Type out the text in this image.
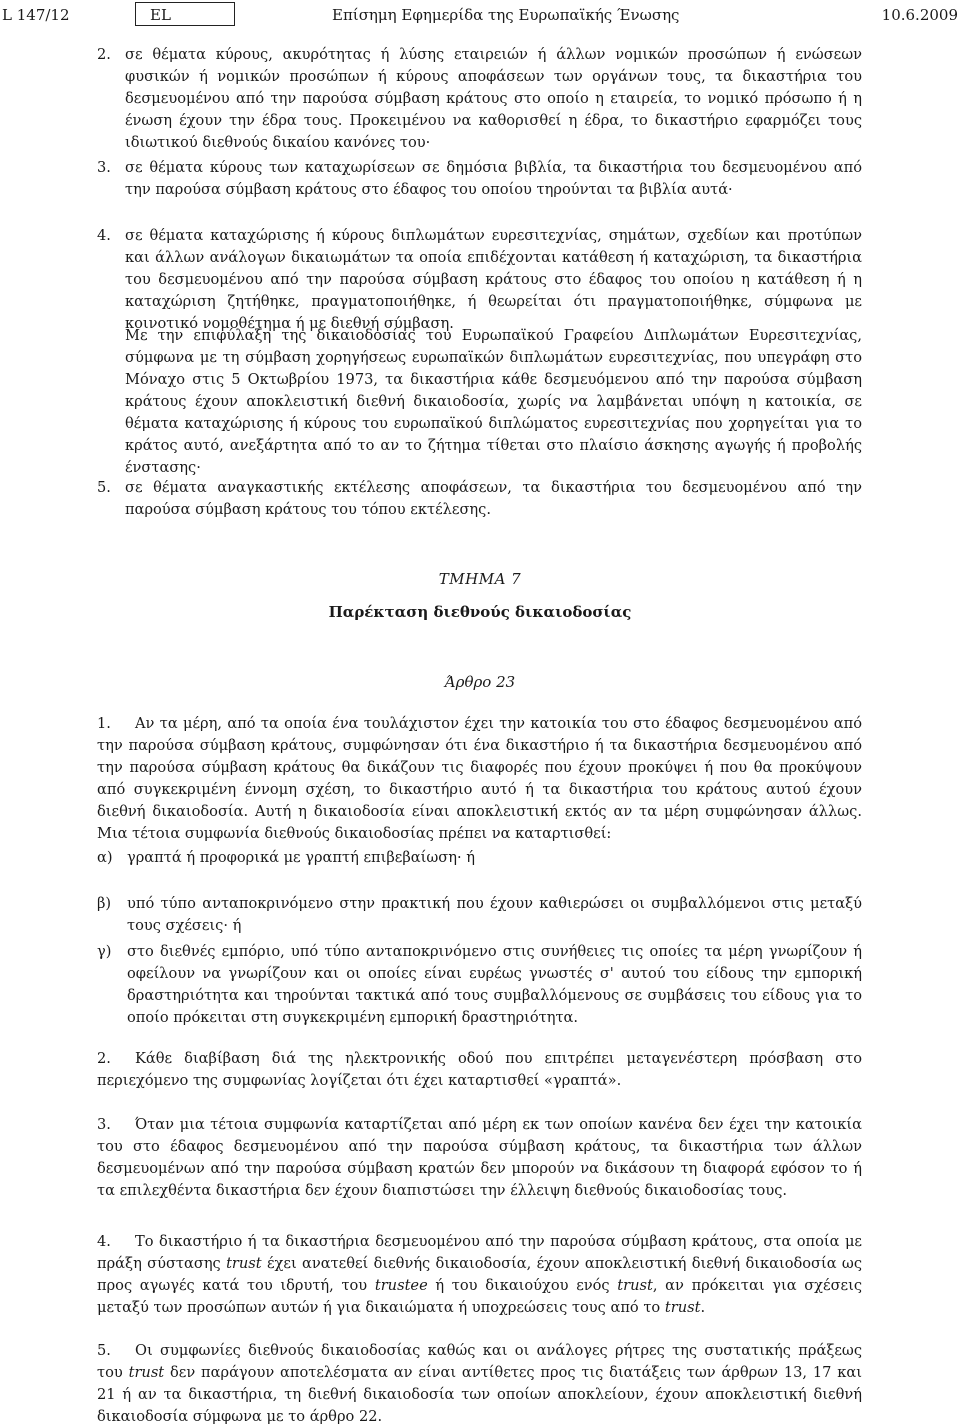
L 147/12	EL	Επίσημη Εφημερίδα της Ευρωπαϊκής Ένωσης	10.6.2009
2. σε θέματα κύρους, ακυρότητας ή λύσης εταιρειών ή άλλων νομικών προσώπων ή ενώσεων φυσικών ή νομικών προσώπων ή κύρους αποφάσεων των οργάνων τους, τα δικαστήρια του δεσμευομένου από την παρούσα σύμβαση κράτους στο οποίο η εταιρεία, το νομικό πρόσωπο ή η ένωση έχουν την έδρα τους. Προκειμένου να καθορισθεί η έδρα, το δικαστήριο εφαρμόζει τους ιδιωτικού διεθνούς δικαίου κανόνες του·
3. σε θέματα κύρους των καταχωρίσεων σε δημόσια βιβλία, τα δικαστήρια του δεσμευομένου από την παρούσα σύμβαση κράτους στο έδαφος του οποίου τηρούνται τα βιβλία αυτά·
4. σε θέματα καταχώρισης ή κύρους διπλωμάτων ευρεσιτεχνίας, σημάτων, σχεδίων και προτύπων και άλλων ανάλογων δικαιωμάτων τα οποία επιδέχονται κατάθεση ή καταχώριση, τα δικαστήρια του δεσμευομένου από την παρούσα σύμβαση κράτους στο έδαφος του οποίου η κατάθεση ή η καταχώριση ζητήθηκε, πραγματοποιήθηκε, ή θεωρείται ότι πραγματοποιήθηκε, σύμφωνα με κοινοτικό νομοθέτημα ή με διεθνή σύμβαση.
Με την επιφύλαξη της δικαιοδοσίας του Ευρωπαϊκού Γραφείου Διπλωμάτων Ευρεσιτεχνίας, σύμφωνα με τη σύμβαση χορηγήσεως ευρωπαϊκών διπλωμάτων ευρεσιτεχνίας, που υπεγράφη στο Μόναχο στις 5 Οκτωβρίου 1973, τα δικαστήρια κάθε δεσμευόμενου από την παρούσα σύμβαση κράτους έχουν αποκλειστική διεθνή δικαιοδοσία, χωρίς να λαμβάνεται υπόψη η κατοικία, σε θέματα καταχώρισης ή κύρους του ευρωπαϊκού διπλώματος ευρεσιτεχνίας που χορηγείται για το κράτος αυτό, ανεξάρτητα από το αν το ζήτημα τίθεται στο πλαίσιο άσκησης αγωγής ή προβολής ένστασης·
5. σε θέματα αναγκαστικής εκτέλεσης αποφάσεων, τα δικαστήρια του δεσμευομένου από την παρούσα σύμβαση κράτους του τόπου εκτέλεσης.
ΤΜΗΜΑ 7
Παρέκταση διεθνούς δικαιοδοσίας
Άρθρο 23
1. Αν τα μέρη, από τα οποία ένα τουλάχιστον έχει την κατοικία του στο έδαφος δεσμευομένου από την παρούσα σύμβαση κράτους, συμφώνησαν ότι ένα δικαστήριο ή τα δικαστήρια δεσμευομένου από την παρούσα σύμβαση κράτους θα δικάζουν τις διαφορές που έχουν προκύψει ή που θα προκύψουν από συγκεκριμένη έννομη σχέση, το δικαστήριο αυτό ή τα δικαστήρια του κράτους αυτού έχουν διεθνή δικαιοδοσία. Αυτή η δικαιοδοσία είναι αποκλειστική εκτός αν τα μέρη συμφώνησαν άλλως. Μια τέτοια συμφωνία διεθνούς δικαιοδοσίας πρέπει να καταρτισθεί:
α) γραπτά ή προφορικά με γραπτή επιβεβαίωση· ή
β) υπό τύπο ανταποκρινόμενο στην πρακτική που έχουν καθιερώσει οι συμβαλλόμενοι στις μεταξύ τους σχέσεις· ή
γ) στο διεθνές εμπόριο, υπό τύπο ανταποκρινόμενο στις συνήθειες τις οποίες τα μέρη γνωρίζουν ή οφείλουν να γνωρίζουν και οι οποίες είναι ευρέως γνωστές σ' αυτού του είδους την εμπορική δραστηριότητα και τηρούνται τακτικά από τους συμβαλλόμενους σε συμβάσεις του είδους για το οποίο πρόκειται στη συγκεκριμένη εμπορική δραστηριότητα.
2. Κάθε διαβίβαση διά της ηλεκτρονικής οδού που επιτρέπει μεταγενέστερη πρόσβαση στο περιεχόμενο της συμφωνίας λογίζεται ότι έχει καταρτισθεί «γραπτά».
3. Όταν μια τέτοια συμφωνία καταρτίζεται από μέρη εκ των οποίων κανένα δεν έχει την κατοικία του στο έδαφος δεσμευομένου από την παρούσα σύμβαση κράτους, τα δικαστήρια των άλλων δεσμευομένων από την παρούσα σύμβαση κρατών δεν μπορούν να δικάσουν τη διαφορά εφόσον το ή τα επιλεχθέντα δικαστήρια δεν έχουν διαπιστώσει την έλλειψη διεθνούς δικαιοδοσίας τους.
4. Το δικαστήριο ή τα δικαστήρια δεσμευομένου από την παρούσα σύμβαση κράτους, στα οποία με πράξη σύστασης trust έχει ανατεθεί διεθνής δικαιοδοσία, έχουν αποκλειστική διεθνή δικαιοδοσία ως προς αγωγές κατά του ιδρυτή, του trustee ή του δικαιούχου ενός trust, αν πρόκειται για σχέσεις μεταξύ των προσώπων αυτών ή για δικαιώματα ή υποχρεώσεις τους από το trust.
5. Οι συμφωνίες διεθνούς δικαιοδοσίας καθώς και οι ανάλογες ρήτρες της συστατικής πράξεως του trust δεν παράγουν αποτελέσματα αν είναι αντίθετες προς τις διατάξεις των άρθρων 13, 17 και 21 ή αν τα δικαστήρια, τη διεθνή δικαιοδοσία των οποίων αποκλείουν, έχουν αποκλειστική διεθνή δικαιοδοσία σύμφωνα με το άρθρο 22.
